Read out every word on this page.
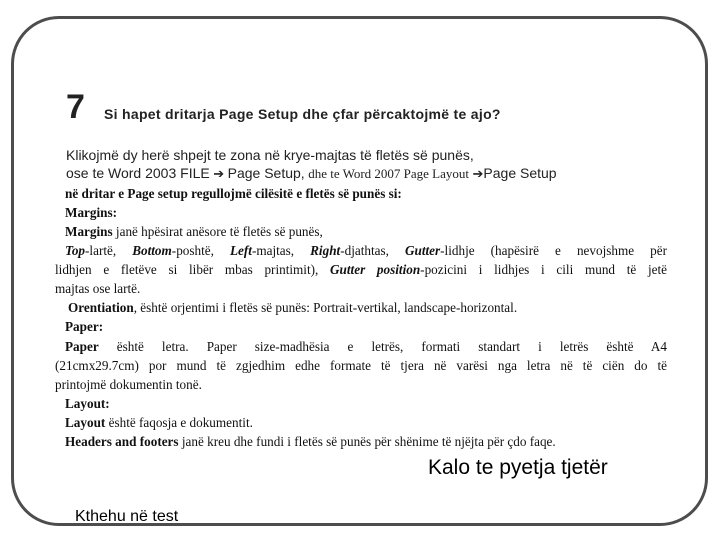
7 Si hapet dritarja Page Setup dhe çfar përcaktojmë te ajo?
Klikojmë dy herë shpejt te zona në krye-majtas të fletës së punës,
ose te Word 2003 FILE ➔ Page Setup, dhe te Word 2007 Page Layout ➔Page Setup
në dritar e Page setup regullojmë cilësitë e fletës së punës si:
Margins:
Margins janë hpësirat anësore të fletës së punës,
Top-lartë, Bottom-poshtë, Left-majtas, Right-djathtas, Gutter-lidhje (hapësirë e nevojshme për
lidhjen e fletëve si libër mbas printimit), Gutter position-pozicini i lidhjes i cili mund të jetë
majtas ose lartë.
Orentiation, është orjentimi i fletës së punës: Portrait-vertikal, landscape-horizontal.
Paper:
Paper është letra. Paper size-madhësia e letrës, formati standart i letrës është A4
(21cmx29.7cm) por mund të zgjedhim edhe formate të tjera në varësi nga letra në të ciën do të
printojmë dokumentin tonë.
Layout:
Layout është faqosja e dokumentit.
Headers and footers janë kreu dhe fundi i fletës së punës për shënime të njëjta për çdo faqe.
Kalo te pyetja tjetër
Kthehu në test
